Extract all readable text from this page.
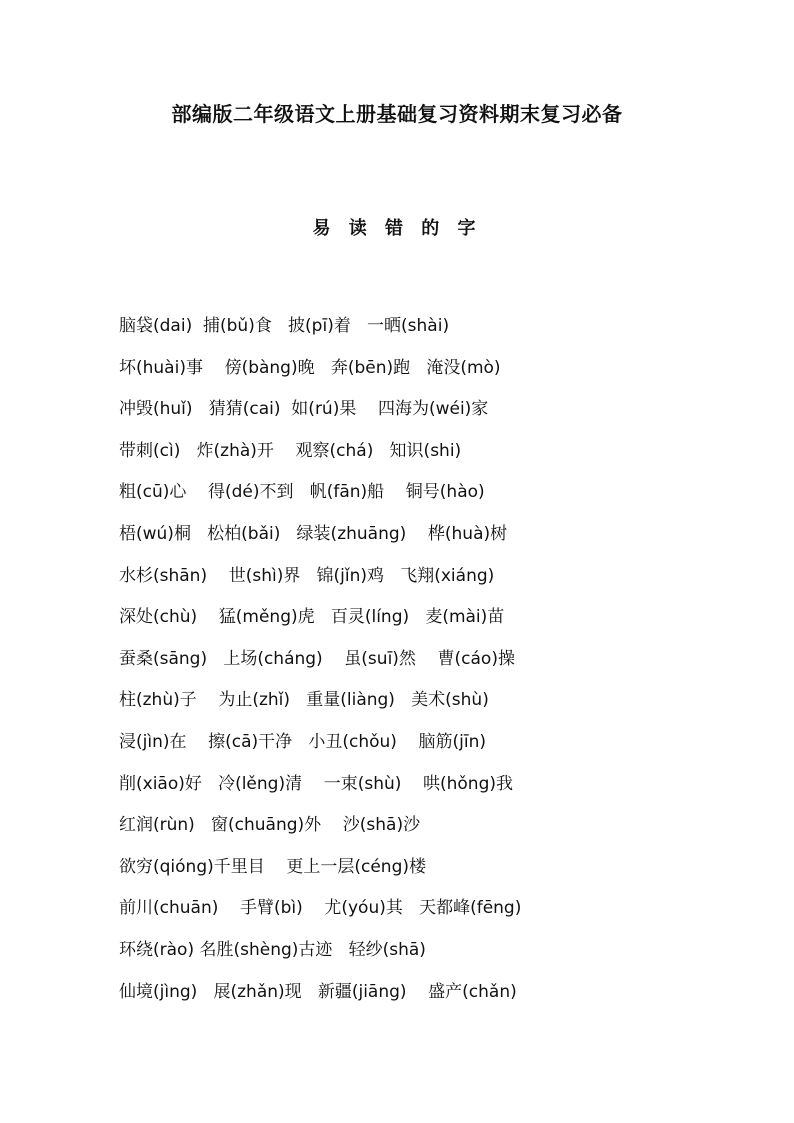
部编版二年级语文上册基础复习资料期末复习必备
易 读 错 的 字
脑袋(dai)  捕(bǔ)食   披(pī)着   一晒(shài)
坏(huài)事    傍(bàng)晚   奔(bēn)跑   淹没(mò)
冲毁(huǐ)   猜猜(cai)  如(rú)果    四海为(wéi)家
带刺(cì)   炸(zhà)开    观察(chá)   知识(shi)
粗(cū)心    得(dé)不到   帆(fān)船    铜号(hào)
梧(wú)桐   松柏(bǎi)   绿装(zhuāng)    桦(huà)树
水杉(shān)    世(shì)界   锦(jǐn)鸡   飞翔(xiáng)
深处(chù)    猛(měng)虎   百灵(líng)   麦(mài)苗
蚕桑(sāng)   上场(cháng)    虽(suī)然    曹(cáo)操
柱(zhù)子    为止(zhǐ)   重量(liàng)   美术(shù)
浸(jìn)在    擦(cā)干净   小丑(chǒu)    脑筋(jīn)
削(xiāo)好   冷(lěng)清    一束(shù)    哄(hǒng)我
红润(rùn)   窗(chuāng)外    沙(shā)沙
欲穷(qióng)千里目    更上一层(céng)楼
前川(chuān)    手臂(bì)    尤(yóu)其   天都峰(fēng)
环绕(rào) 名胜(shèng)古迹   轻纱(shā)
仙境(jìng)   展(zhǎn)现   新疆(jiāng)    盛产(chǎn)
